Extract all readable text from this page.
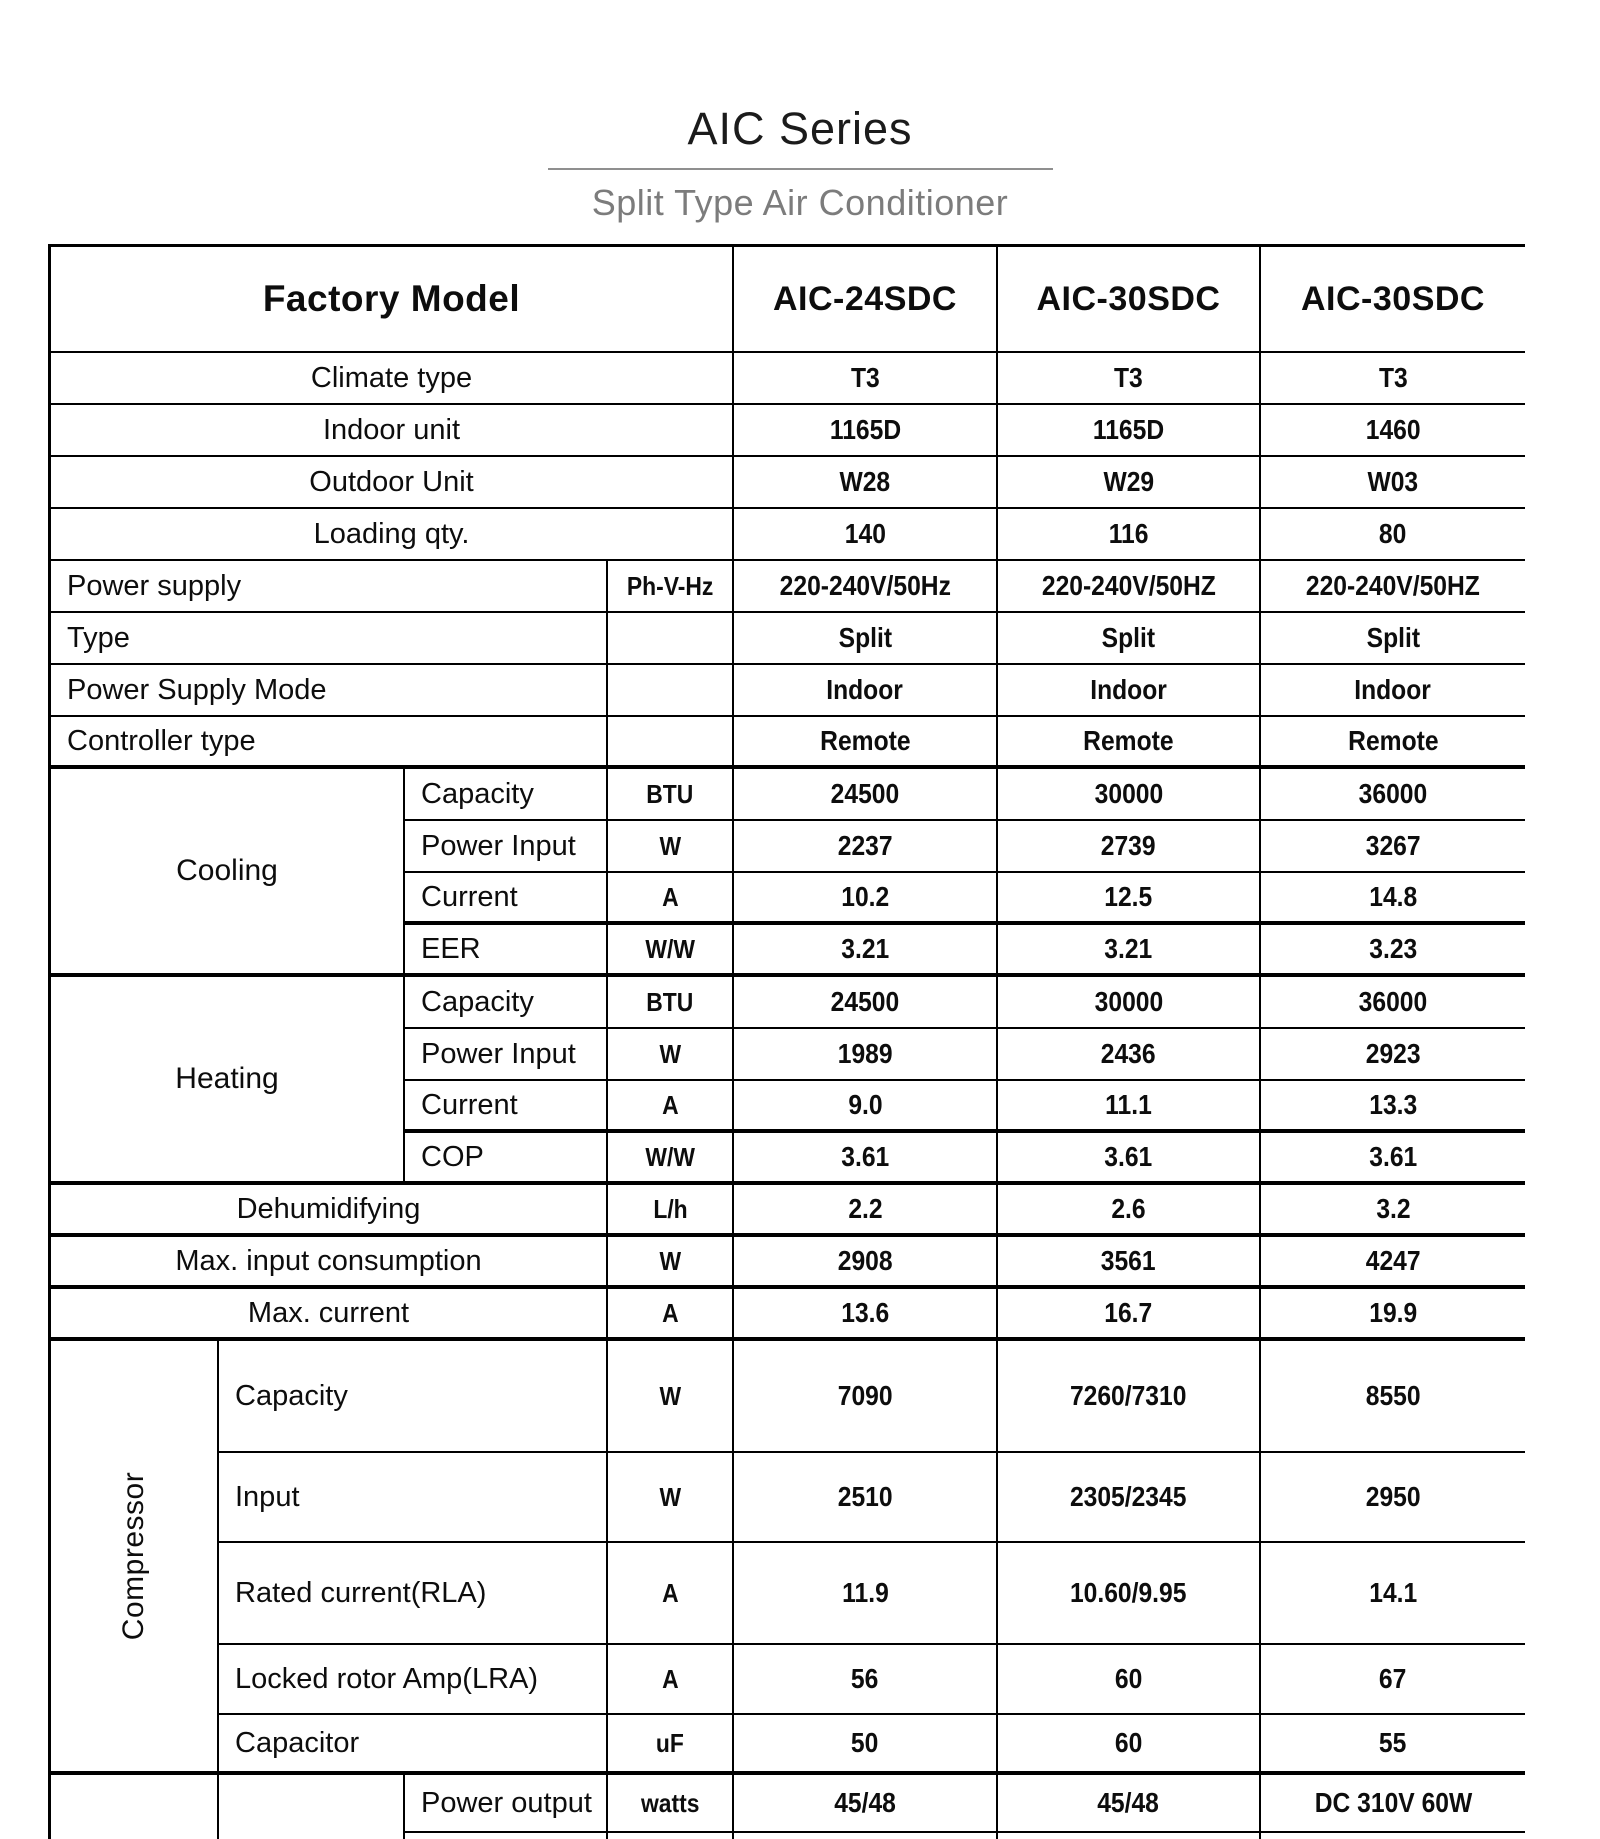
AIC Series
Split Type Air Conditioner
Factory Model	AIC-24SDC AIC-30SDC AIC-30SDC
Climate type	T3	T3	T3
Indoor unit	1165D	1165D	1460
Outdoor Unit	W28	W29	W03
Loading qty.	140	116	80
Power supply	Ph-V-Hz 220-240V/50Hz	220-240V/50HZ	220-240V/50HZ
Type	Split	Split	Split
Power Supply Mode	Indoor	Indoor	Indoor
Controller type	Remote	Remote	Remote
Cooling
Capacity	BTU	24500	30000	36000
Power Input	W	2237	2739	3267
Current	A	10.2	12.5	14.8
EER	W/W	3.21	3.21	3.23
Heating
Capacity	BTU	24500	30000	36000
Power Input	W	1989	2436	2923
Current	A	9.0	11.1	13.3
COP	W/W	3.61	3.61	3.61
Dehumidifying	L/h	2.2	2.6	3.2
Max. input consumption	W	2908	3561	4247
Max. current	A	13.6	16.7	19.9
Compressor
Capacity	W	7090	7260/7310	8550
Input	W	2510	2305/2345	2950
Rated current(RLA)	A	11.9	10.60/9.95	14.1
Locked rotor Amp(LRA)	A	56	60	67
Capacitor	uF	50	60	55
Power output watts	45/48	45/48	DC 310V 60W
